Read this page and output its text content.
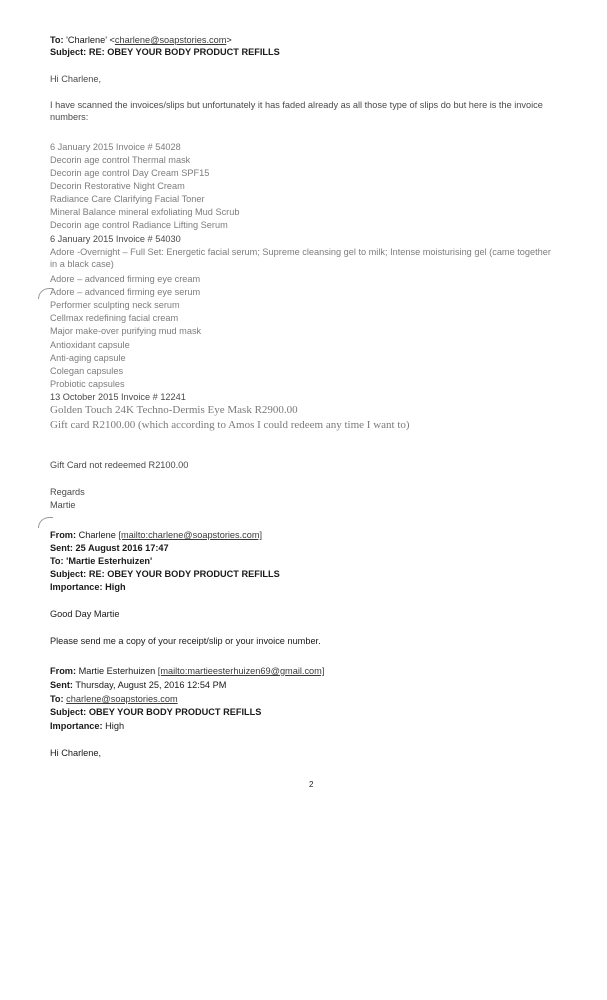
To: 'Charlene' <charlene@soapstories.com>
Subject: RE: OBEY YOUR BODY PRODUCT REFILLS
Hi Charlene,
I have scanned the invoices/slips but unfortunately it has faded already as all those type of slips do but here is the invoice numbers:
6 January 2015 Invoice # 54028
Decorin age control Thermal mask
Decorin age control Day Cream SPF15
Decorin Restorative Night Cream
Radiance Care Clarifying Facial Toner
Mineral Balance mineral exfoliating Mud Scrub
Decorin age control Radiance Lifting Serum
6 January 2015 Invoice # 54030
Adore -Overnight – Full Set: Energetic facial serum; Supreme cleansing gel to milk; Intense moisturising gel (came together in a black case)
Adore – advanced firming eye cream
Adore – advanced firming eye serum
Performer sculpting neck serum
Cellmax redefining facial cream
Major make-over purifying mud mask
Antioxidant capsule
Anti-aging capsule
Colegan capsules
Probiotic capsules
13 October 2015 Invoice # 12241
Golden Touch 24K Techno-Dermis Eye Mask R2900.00
Gift card R2100.00 (which according to Amos I could redeem any time I want to)
Gift Card not redeemed R2100.00
Regards
Martie
From: Charlene [mailto:charlene@soapstories.com]
Sent: 25 August 2016 17:47
To: 'Martie Esterhuizen'
Subject: RE: OBEY YOUR BODY PRODUCT REFILLS
Importance: High
Good Day Martie
Please send me a copy of your receipt/slip or your invoice number.
From: Martie Esterhuizen [mailto:martieesterhuizen69@gmail.com]
Sent: Thursday, August 25, 2016 12:54 PM
To: charlene@soapstories.com
Subject: OBEY YOUR BODY PRODUCT REFILLS
Importance: High
Hi Charlene,
2
